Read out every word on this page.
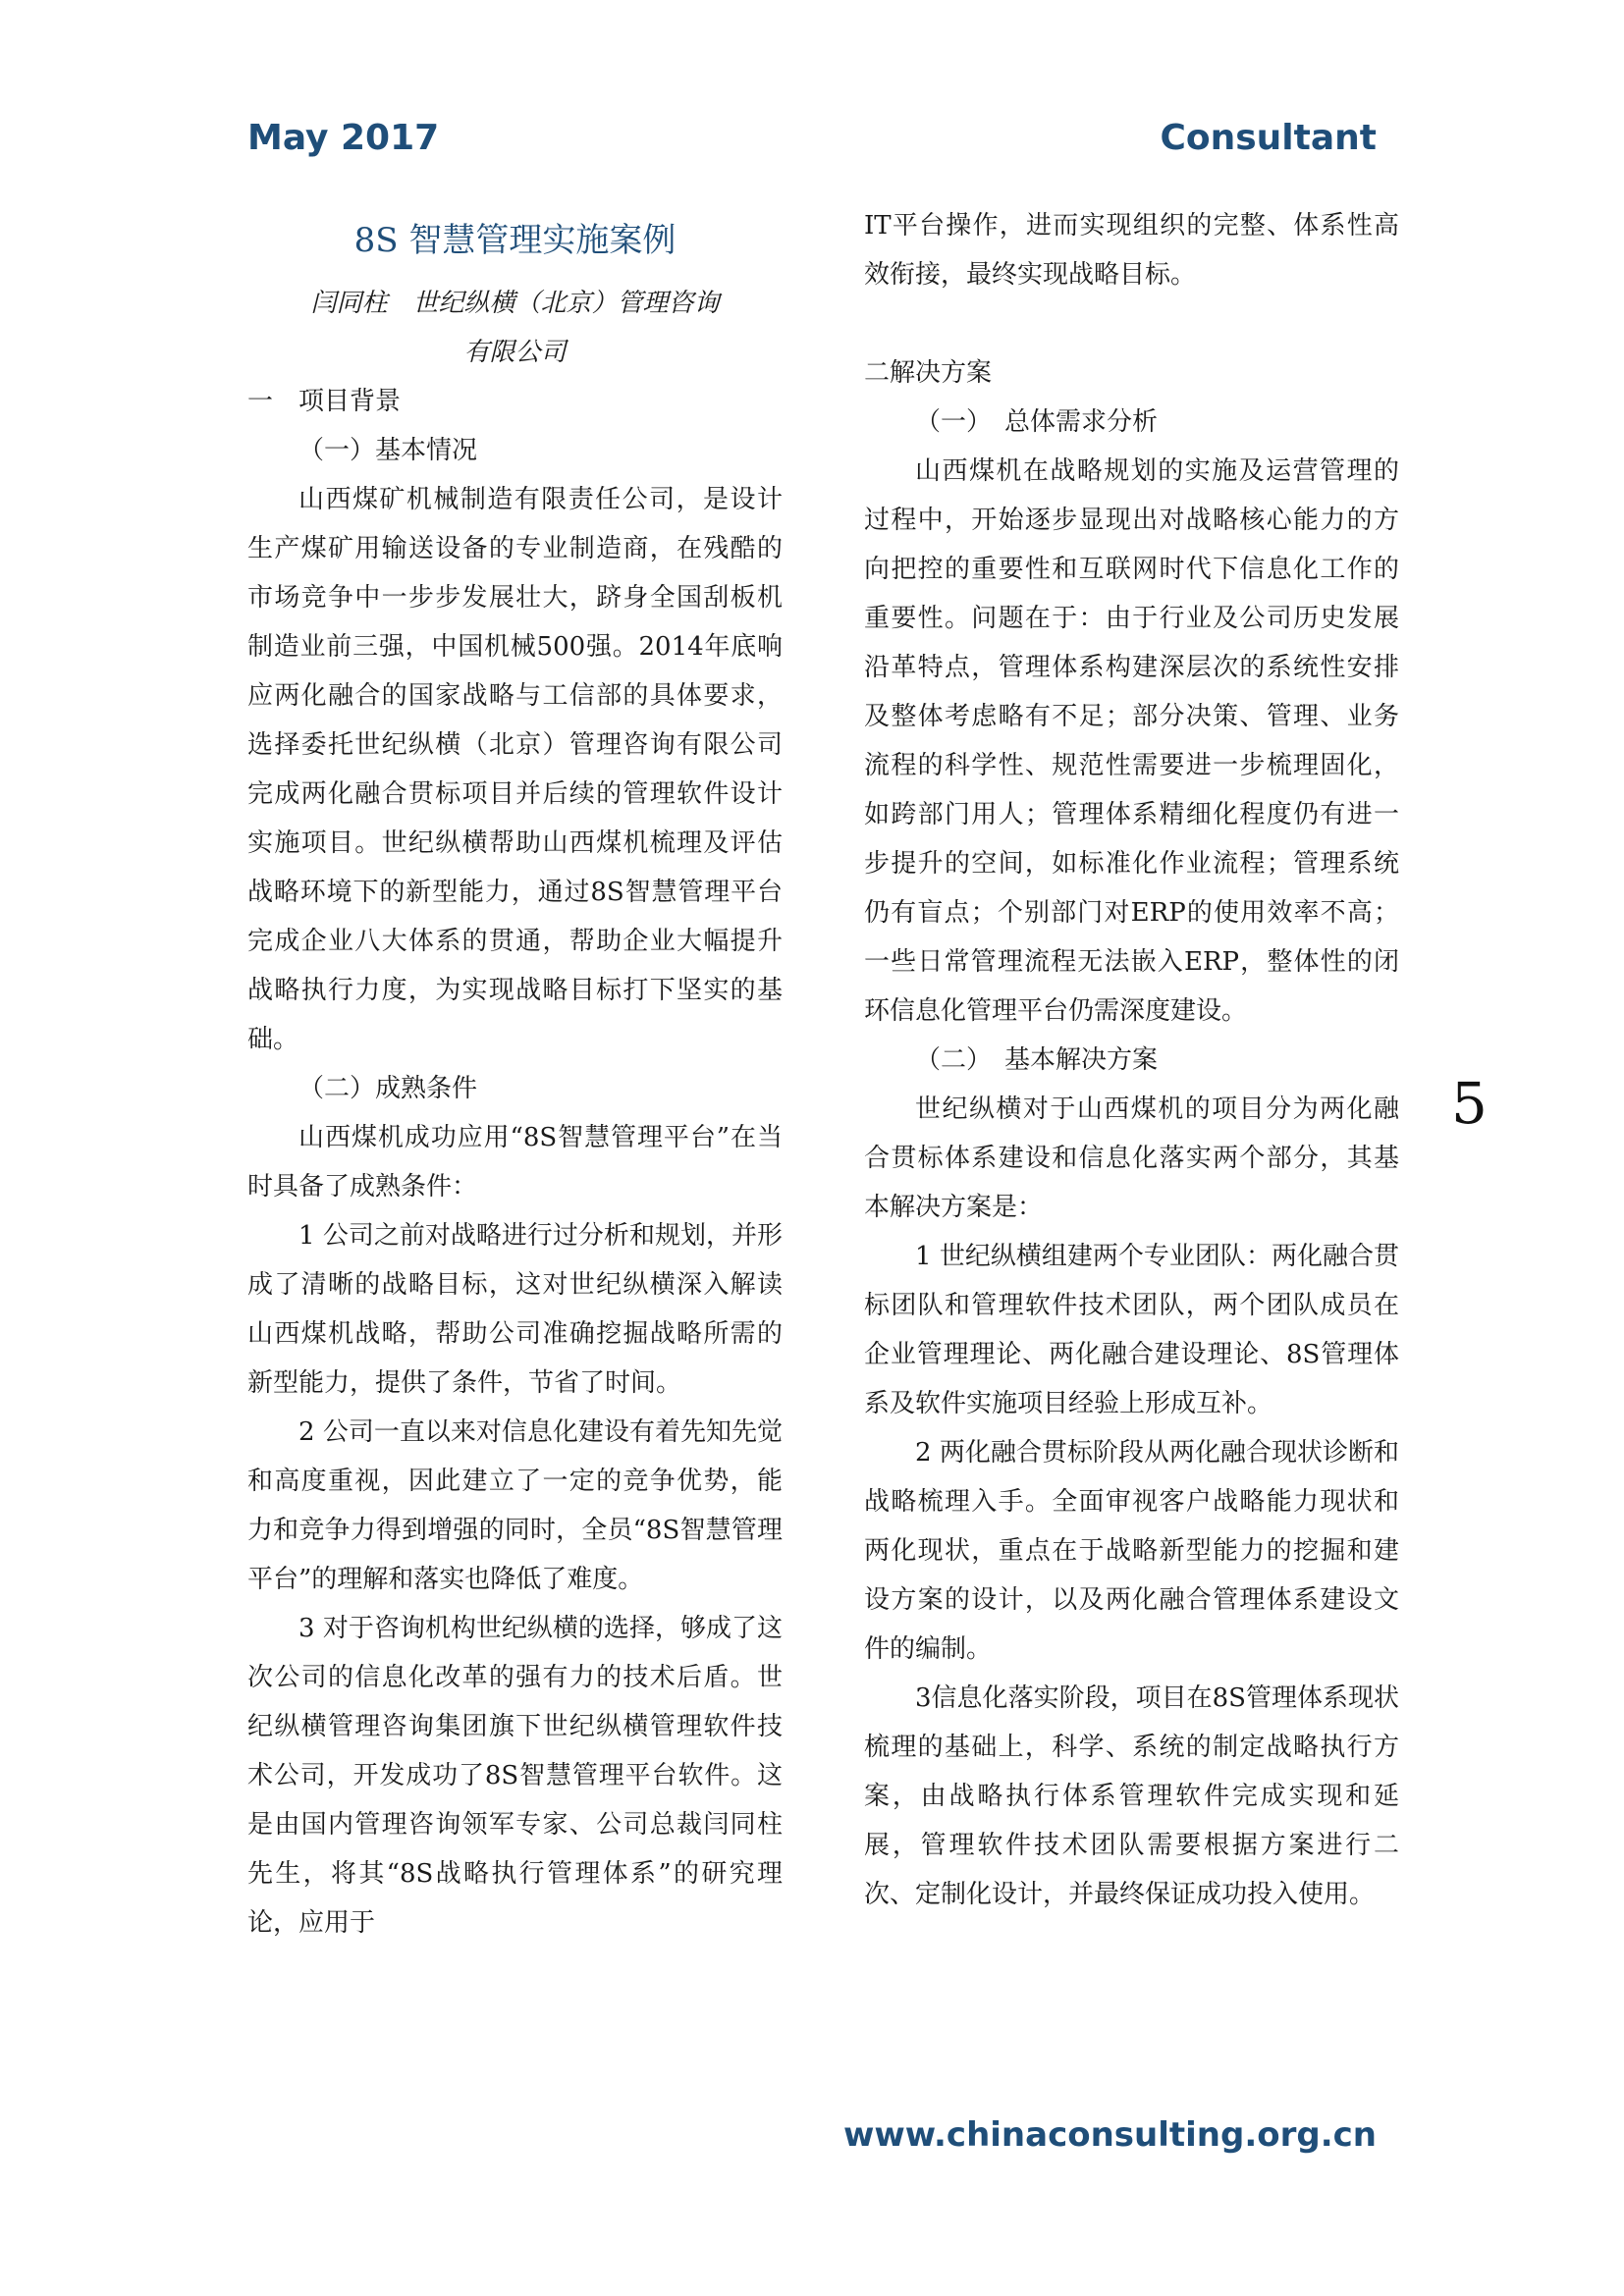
May 2017	Consultant

8S 智慧管理实施案例

闫同柱　世纪纵横（北京）管理咨询

有限公司

一　项目背景

（一）基本情况

山西煤矿机械制造有限责任公司，是设计生产煤矿用输送设备的专业制造商，在残酷的市场竞争中一步步发展壮大，跻身全国刮板机制造业前三强，中国机械500强。2014年底响应两化融合的国家战略与工信部的具体要求，选择委托世纪纵横（北京）管理咨询有限公司完成两化融合贯标项目并后续的管理软件设计实施项目。世纪纵横帮助山西煤机梳理及评估战略环境下的新型能力，通过8S智慧管理平台完成企业八大体系的贯通，帮助企业大幅提升战略执行力度，为实现战略目标打下坚实的基础。

（二）成熟条件

山西煤机成功应用“8S智慧管理平台”在当时具备了成熟条件：

1 公司之前对战略进行过分析和规划，并形成了清晰的战略目标，这对世纪纵横深入解读山西煤机战略，帮助公司准确挖掘战略所需的新型能力，提供了条件，节省了时间。

2 公司一直以来对信息化建设有着先知先觉和高度重视，因此建立了一定的竞争优势，能力和竞争力得到增强的同时，全员“8S智慧管理平台”的理解和落实也降低了难度。

3 对于咨询机构世纪纵横的选择，够成了这次公司的信息化改革的强有力的技术后盾。世纪纵横管理咨询集团旗下世纪纵横管理软件技术公司，开发成功了8S智慧管理平台软件。这是由国内管理咨询领军专家、公司总裁闫同柱先生，将其“8S战略执行管理体系”的研究理论，应用于

IT平台操作，进而实现组织的完整、体系性高效衔接，最终实现战略目标。

二解决方案

（一）　总体需求分析

山西煤机在战略规划的实施及运营管理的过程中，开始逐步显现出对战略核心能力的方向把控的重要性和互联网时代下信息化工作的重要性。问题在于：由于行业及公司历史发展沿革特点，管理体系构建深层次的系统性安排及整体考虑略有不足；部分决策、管理、业务流程的科学性、规范性需要进一步梳理固化，如跨部门用人；管理体系精细化程度仍有进一步提升的空间，如标准化作业流程；管理系统仍有盲点；个别部门对ERP的使用效率不高；一些日常管理流程无法嵌入ERP，整体性的闭环信息化管理平台仍需深度建设。

（二）　基本解决方案

世纪纵横对于山西煤机的项目分为两化融合贯标体系建设和信息化落实两个部分，其基本解决方案是：

1 世纪纵横组建两个专业团队：两化融合贯标团队和管理软件技术团队，两个团队成员在企业管理理论、两化融合建设理论、8S管理体系及软件实施项目经验上形成互补。

2 两化融合贯标阶段从两化融合现状诊断和战略梳理入手。全面审视客户战略能力现状和两化现状，重点在于战略新型能力的挖掘和建设方案的设计，以及两化融合管理体系建设文件的编制。

3信息化落实阶段，项目在8S管理体系现状梳理的基础上，科学、系统的制定战略执行方案，由战略执行体系管理软件完成实现和延展，管理软件技术团队需要根据方案进行二次、定制化设计，并最终保证成功投入使用。

5
www.chinaconsulting.org.cn
